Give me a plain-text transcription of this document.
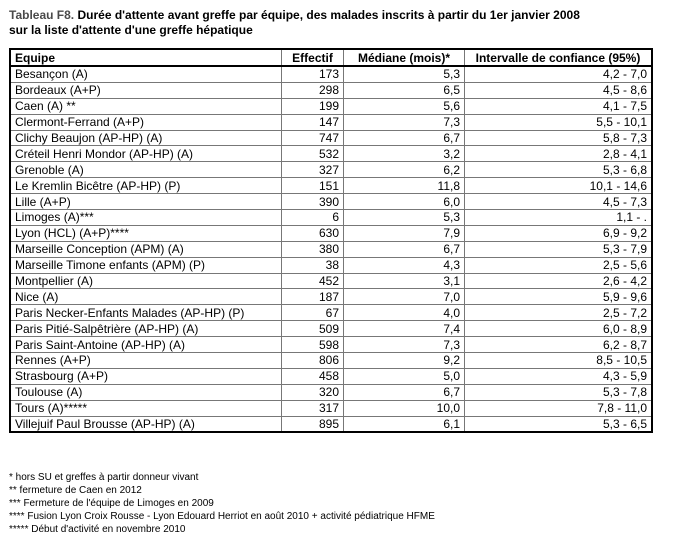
Tableau F8. Durée d'attente avant greffe par équipe, des malades inscrits à partir du 1er janvier 2008
sur la liste d'attente d'une greffe hépatique
Equipe	Effectif	Médiane (mois)*	Intervalle de confiance (95%)
Besançon (A)	173	5,3	4,2 - 7,0
Bordeaux (A+P)	298	6,5	4,5 - 8,6
Caen (A) **	199	5,6	4,1 - 7,5
Clermont-Ferrand (A+P)	147	7,3	5,5 - 10,1
Clichy Beaujon (AP-HP) (A)	747	6,7	5,8 - 7,3
Créteil Henri Mondor (AP-HP) (A)	532	3,2	2,8 - 4,1
Grenoble (A)	327	6,2	5,3 - 6,8
Le Kremlin Bicêtre (AP-HP) (P)	151	11,8	10,1 - 14,6
Lille (A+P)	390	6,0	4,5 - 7,3
Limoges (A)***	6	5,3	1,1 - .
Lyon (HCL) (A+P)****	630	7,9	6,9 - 9,2
Marseille Conception (APM) (A)	380	6,7	5,3 - 7,9
Marseille Timone enfants (APM) (P)	38	4,3	2,5 - 5,6
Montpellier (A)	452	3,1	2,6 - 4,2
Nice (A)	187	7,0	5,9 - 9,6
Paris Necker-Enfants Malades (AP-HP) (P)	67	4,0	2,5 - 7,2
Paris Pitié-Salpêtrière (AP-HP) (A)	509	7,4	6,0 - 8,9
Paris Saint-Antoine (AP-HP) (A)	598	7,3	6,2 - 8,7
Rennes (A+P)	806	9,2	8,5 - 10,5
Strasbourg (A+P)	458	5,0	4,3 - 5,9
Toulouse (A)	320	6,7	5,3 - 7,8
Tours (A)*****	317	10,0	7,8 - 11,0
Villejuif Paul Brousse (AP-HP) (A)	895	6,1	5,3 - 6,5
* hors SU et greffes à partir donneur vivant
** fermeture de Caen en 2012
*** Fermeture de l'équipe de Limoges en 2009
**** Fusion Lyon Croix Rousse - Lyon Edouard Herriot en août 2010 + activité pédiatrique HFME
***** Début d'activité en novembre 2010
